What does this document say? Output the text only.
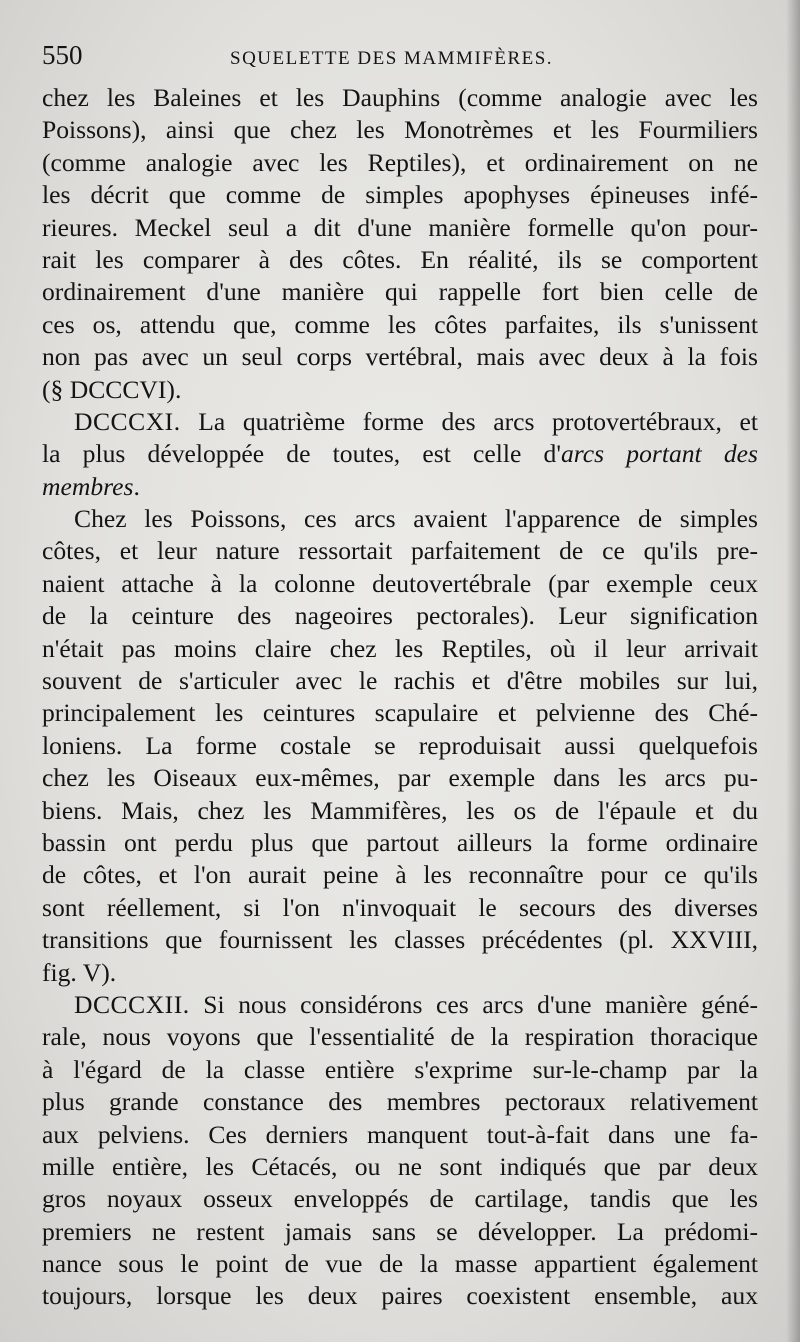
550	SQUELETTE DES MAMMIFÈRES.
chez les Baleines et les Dauphins (comme analogie avec les
Poissons), ainsi que chez les Monotrèmes et les Fourmiliers
(comme analogie avec les Reptiles), et ordinairement on ne
les décrit que comme de simples apophyses épineuses infé-
rieures. Meckel seul a dit d'une manière formelle qu'on pour-
rait les comparer à des côtes. En réalité, ils se comportent
ordinairement d'une manière qui rappelle fort bien celle de
ces os, attendu que, comme les côtes parfaites, ils s'unissent
non pas avec un seul corps vertébral, mais avec deux à la fois
(§ DCCCVI).
DCCCXI. La quatrième forme des arcs protovertébraux, et
la plus développée de toutes, est celle d'arcs portant des
membres.
Chez les Poissons, ces arcs avaient l'apparence de simples
côtes, et leur nature ressortait parfaitement de ce qu'ils pre-
naient attache à la colonne deutovertébrale (par exemple ceux
de la ceinture des nageoires pectorales). Leur signification
n'était pas moins claire chez les Reptiles, où il leur arrivait
souvent de s'articuler avec le rachis et d'être mobiles sur lui,
principalement les ceintures scapulaire et pelvienne des Ché-
loniens. La forme costale se reproduisait aussi quelquefois
chez les Oiseaux eux-mêmes, par exemple dans les arcs pu-
biens. Mais, chez les Mammifères, les os de l'épaule et du
bassin ont perdu plus que partout ailleurs la forme ordinaire
de côtes, et l'on aurait peine à les reconnaître pour ce qu'ils
sont réellement, si l'on n'invoquait le secours des diverses
transitions que fournissent les classes précédentes (pl. XXVIII,
fig. V).
DCCCXII. Si nous considérons ces arcs d'une manière géné-
rale, nous voyons que l'essentialité de la respiration thoracique
à l'égard de la classe entière s'exprime sur-le-champ par la
plus grande constance des membres pectoraux relativement
aux pelviens. Ces derniers manquent tout-à-fait dans une fa-
mille entière, les Cétacés, ou ne sont indiqués que par deux
gros noyaux osseux enveloppés de cartilage, tandis que les
premiers ne restent jamais sans se développer. La prédomi-
nance sous le point de vue de la masse appartient également
toujours, lorsque les deux paires coexistent ensemble, aux
